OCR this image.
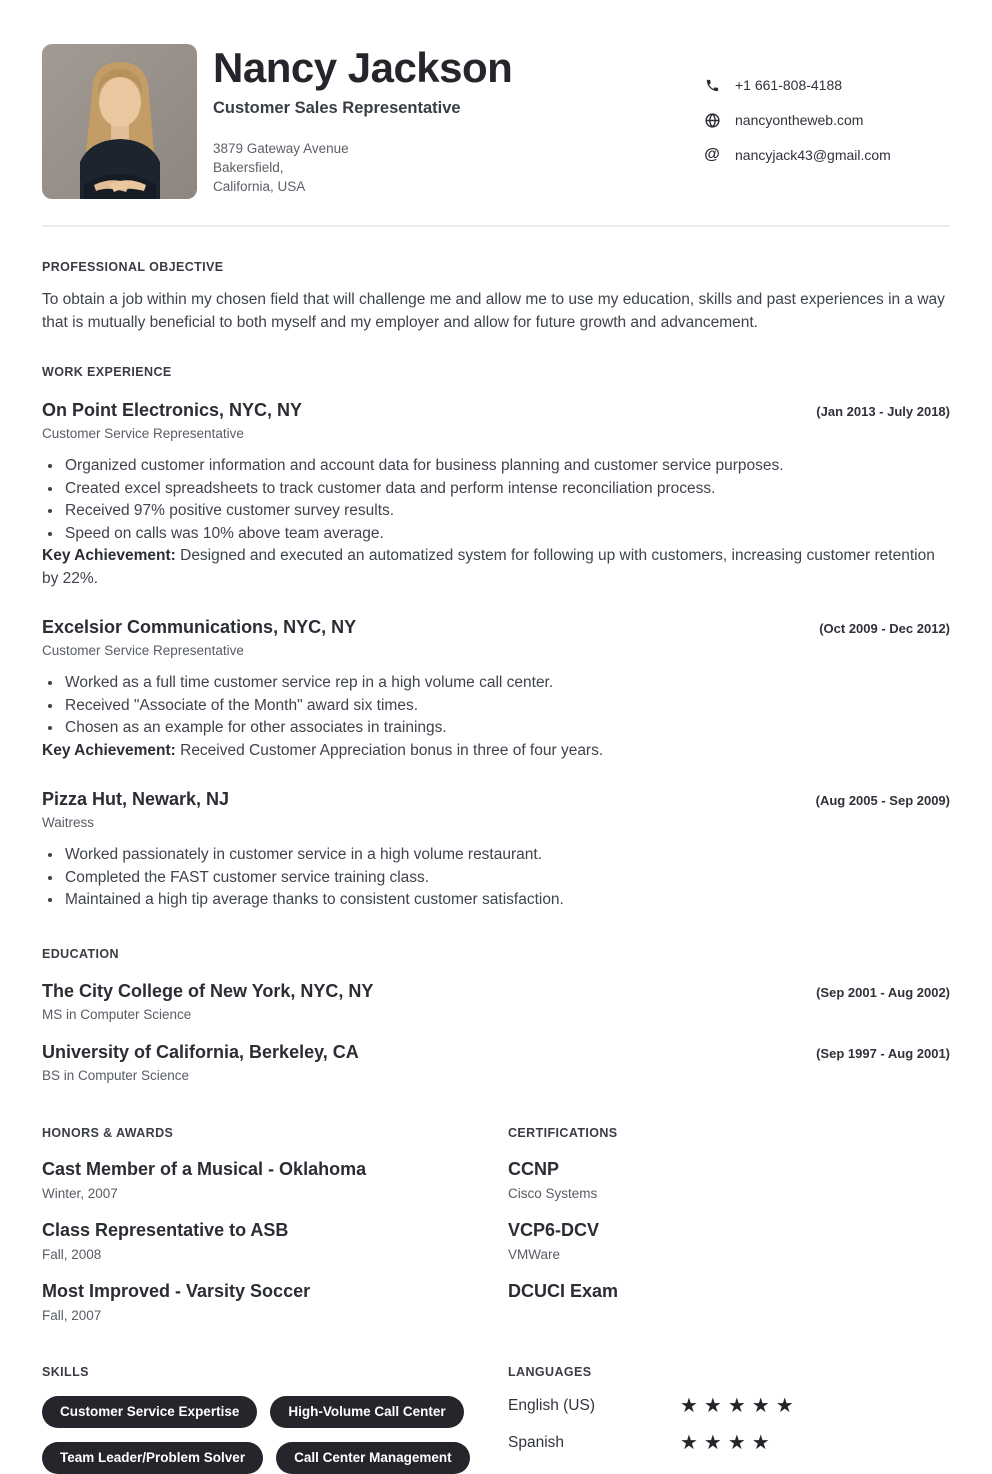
Nancy Jackson
Customer Sales Representative
3879 Gateway Avenue
Bakersfield,
California, USA
+1 661-808-4188
nancyontheweb.com
@ nancyjack43@gmail.com
PROFESSIONAL OBJECTIVE

To obtain a job within my chosen field that will challenge me and allow me to use my education, skills and past experiences in a way that is mutually beneficial to both myself and my employer and allow for future growth and advancement.

WORK EXPERIENCE
On Point Electronics, NYC, NY	(Jan 2013 - July 2018)
Customer Service Representative
• Organized customer information and account data for business planning and customer service purposes.
• Created excel spreadsheets to track customer data and perform intense reconciliation process.
• Received 97% positive customer survey results.
• Speed on calls was 10% above team average.
Key Achievement: Designed and executed an automatized system for following up with customers, increasing customer retention by 22%.
Excelsior Communications, NYC, NY	(Oct 2009 - Dec 2012)
Customer Service Representative
• Worked as a full time customer service rep in a high volume call center.
• Received "Associate of the Month" award six times.
• Chosen as an example for other associates in trainings.
Key Achievement: Received Customer Appreciation bonus in three of four years.
Pizza Hut, Newark, NJ	(Aug 2005 - Sep 2009)
Waitress
• Worked passionately in customer service in a high volume restaurant.
• Completed the FAST customer service training class.
• Maintained a high tip average thanks to consistent customer satisfaction.
EDUCATION
The City College of New York, NYC, NY	(Sep 2001 - Aug 2002)
MS in Computer Science
University of California, Berkeley, CA	(Sep 1997 - Aug 2001)
BS in Computer Science
HONORS & AWARDS
Cast Member of a Musical - Oklahoma
Winter, 2007
Class Representative to ASB
Fall, 2008
Most Improved - Varsity Soccer
Fall, 2007
CERTIFICATIONS
CCNP
Cisco Systems
VCP6-DCV
VMWare
DCUCI Exam
SKILLS
Customer Service Expertise	High-Volume Call Center
Team Leader/Problem Solver	Call Center Management
LANGUAGES
English (US)	★★★★★
Spanish	★★★★
